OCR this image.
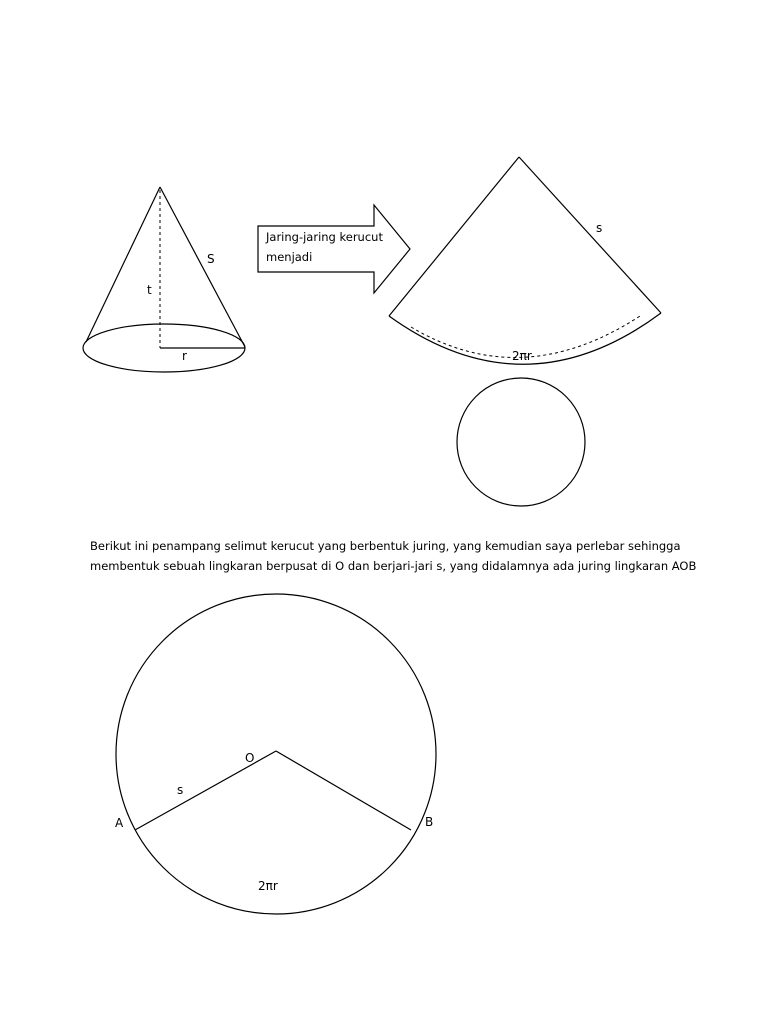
t
S
r
s
2πr
O
s
A	B
2πr
Jaring-jaring kerucut
menjadi
Berikut ini penampang selimut kerucut yang berbentuk juring, yang kemudian saya perlebar sehingga
membentuk sebuah lingkaran berpusat di O dan berjari-jari s, yang didalamnya ada juring lingkaran AOB
